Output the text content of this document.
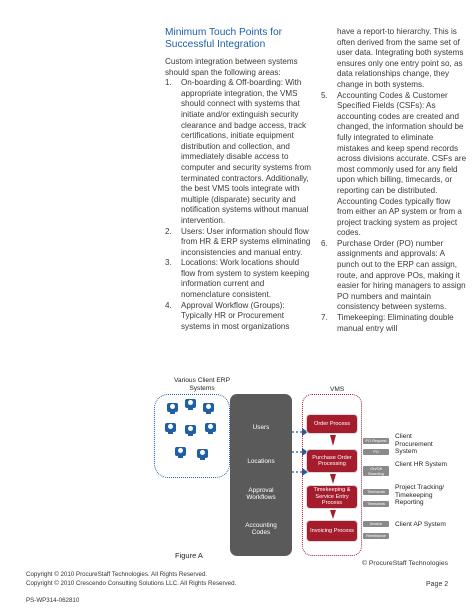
Minimum Touch Points for Successful Integration
Custom integration between systems should span the following areas:
1.	On-boarding & Off-boarding: With appropriate integration, the VMS should connect with systems that initiate and/or extinguish security clearance and badge access, track certifications, initiate equipment distribution and collection, and immediately disable access to computer and security systems from terminated contractors. Additionally, the best VMS tools integrate with multiple (disparate) security and notification systems without manual intervention.
2.	Users: User information should flow from HR & ERP systems eliminating inconsistencies and manual entry.
3.	Locations: Work locations should flow from system to system keeping information current and nomenclature consistent.
4.	Approval Workflow (Groups): Typically HR or Procurement systems in most organizations
have a report-to hierarchy. This is often derived from the same set of user data. Integrating both systems ensures only one entry point so, as data relationships change, they change in both systems.
5.	Accounting Codes & Customer Specified Fields (CSFs): As accounting codes are created and changed, the information should be fully integrated to eliminate mistakes and keep spend records across divisions accurate. CSFs are most commonly used for any field upon which billing, timecards, or reporting can be distributed. Accounting Codes typically flow from either an AP system or from a project tracking system as project codes.
6.	Purchase Order (PO) number assignments and approvals: A punch out to the ERP can assign, route, and approve POs, making it easier for hiring managers to assign PO numbers and maintain consistency between systems.
7.	Timekeeping: Eliminating double manual entry will
Various Client ERP Systems
Users
Locations
Approval Workflows
Accounting Codes
VMS
Order Process
Purchase Order Processing
Timekeeping & Service Entry Process
Invoicing Process
PO Request
PO
On/Off Boarding
Timecards
Timecards
Invoice
Remittance
Client Procurement System
Client HR System
Project Tracking/ Timekeeping Reporting
Client AP System
Figure A
© ProcureStaff Technologies
Copyright © 2010 ProcureStaff Technologies. All Rights Reserved.
Copyright © 2010 Crescendo Consulting Solutions LLC. All Rights Reserved.
PS-WP314-062810
Page 2
